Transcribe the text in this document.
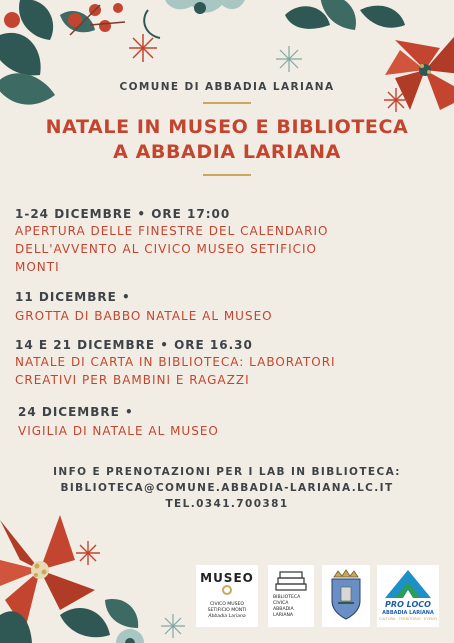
COMUNE DI ABBADIA LARIANA
NATALE IN MUSEO E BIBLIOTECA
A ABBADIA LARIANA
1-24 DICEMBRE • ORE 17:00
APERTURA DELLE FINESTRE DEL CALENDARIO
DELL'AVVENTO AL CIVICO MUSEO SETIFICIO
MONTI
11 DICEMBRE •
GROTTA DI BABBO NATALE AL MUSEO
14 E 21 DICEMBRE • ORE 16.30
NATALE DI CARTA IN BIBLIOTECA: LABORATORI
CREATIVI PER BAMBINI E RAGAZZI
24 DICEMBRE •
VIGILIA DI NATALE AL MUSEO
INFO E PRENOTAZIONI PER I LAB IN BIBLIOTECA:
BIBLIOTECA@COMUNE.ABBADIA-LARIANA.LC.IT
TEL.0341.700381
MUSEO
CIVICO MUSEO
SETIFICIO MONTI
Abbadia Lariana
BIBLIOTECA
CIVICA
ABBADIA
LARIANA
PRO LOCO
ABBADIA LARIANA
CULTURA · TERRITORIO · EVENTI
